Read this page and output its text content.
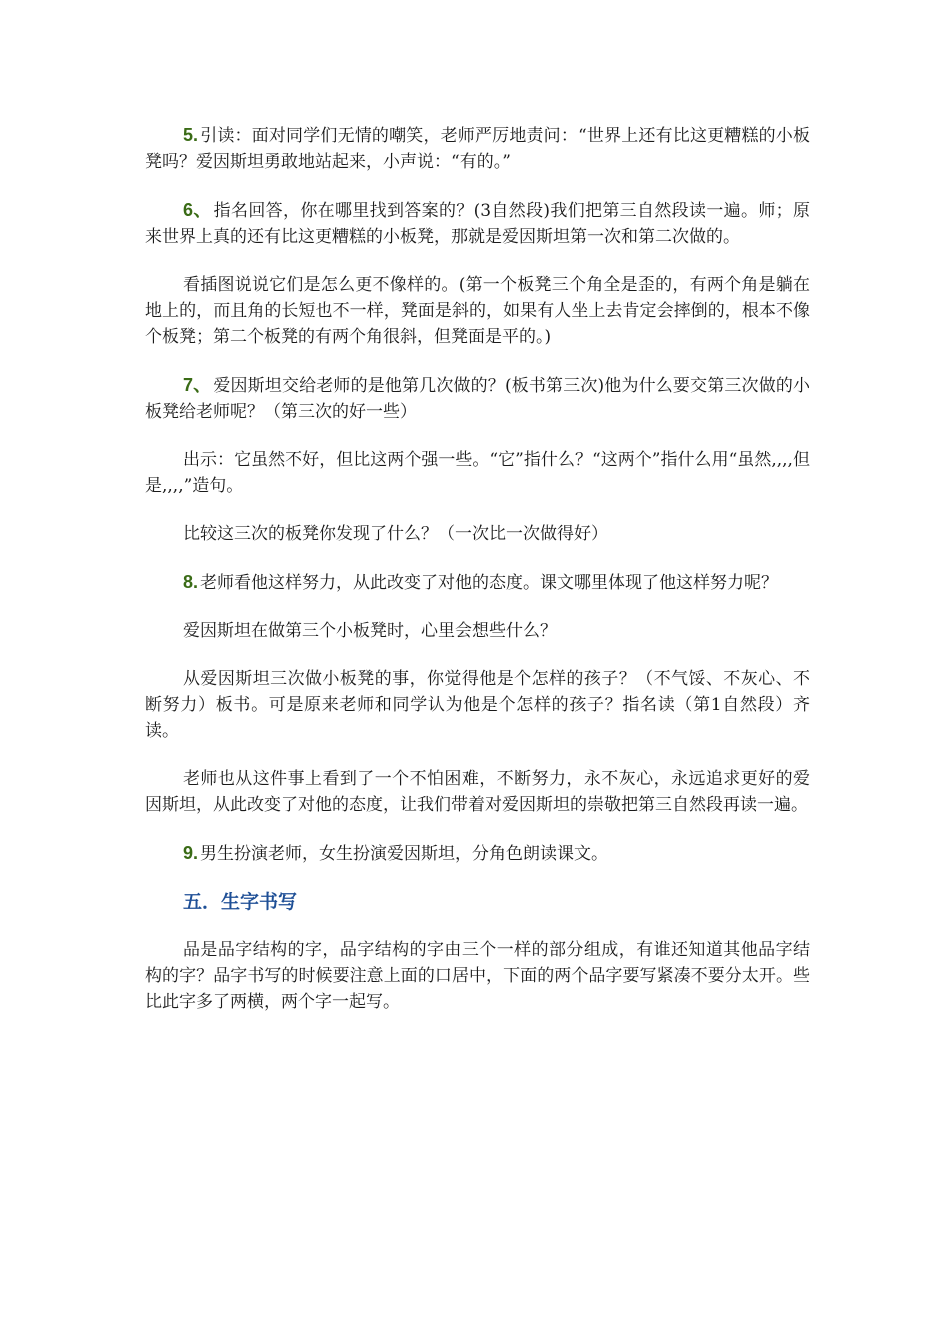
5. 引读：面对同学们无情的嘲笑，老师严厉地责问：“世界上还有比这更糟糕的小板凳吗？爱因斯坦勇敢地站起来，小声说：“有的。”

6、 指名回答，你在哪里找到答案的？(3自然段)我们把第三自然段读一遍。师；原来世界上真的还有比这更糟糕的小板凳，那就是爱因斯坦第一次和第二次做的。

看插图说说它们是怎么更不像样的。(第一个板凳三个角全是歪的，有两个角是躺在地上的，而且角的长短也不一样，凳面是斜的，如果有人坐上去肯定会摔倒的，根本不像个板凳；第二个板凳的有两个角很斜，但凳面是平的。)

7、 爱因斯坦交给老师的是他第几次做的？(板书第三次)他为什么要交第三次做的小板凳给老师呢？（第三次的好一些）

出示：它虽然不好，但比这两个强一些。“它”指什么？“这两个”指什么用“虽然,,,,但是,,,,”造句。

比较这三次的板凳你发现了什么？（一次比一次做得好）

8. 老师看他这样努力，从此改变了对他的态度。课文哪里体现了他这样努力呢？

爱因斯坦在做第三个小板凳时，心里会想些什么？

从爱因斯坦三次做小板凳的事，你觉得他是个怎样的孩子？（不气馁、不灰心、不断努力）板书。可是原来老师和同学认为他是个怎样的孩子？指名读（第1自然段）齐读。

老师也从这件事上看到了一个不怕困难，不断努力，永不灰心，永远追求更好的爱因斯坦，从此改变了对他的态度，让我们带着对爱因斯坦的崇敬把第三自然段再读一遍。

9. 男生扮演老师，女生扮演爱因斯坦，分角色朗读课文。

五．生字书写

品是品字结构的字，品字结构的字由三个一样的部分组成，有谁还知道其他品字结构的字？品字书写的时候要注意上面的口居中，下面的两个品字要写紧凑不要分太开。些比此字多了两横，两个字一起写。
